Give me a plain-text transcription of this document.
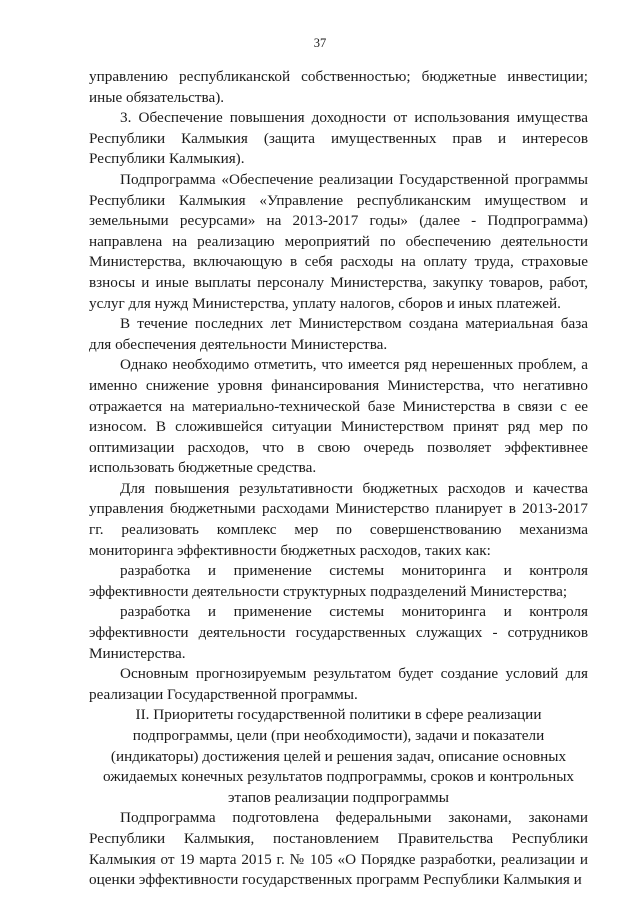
37

управлению республиканской собственностью; бюджетные инвестиции; иные обязательства).

3. Обеспечение повышения доходности от использования имущества Республики Калмыкия (защита имущественных прав и интересов Республики Калмыкия).

Подпрограмма «Обеспечение реализации Государственной программы Республики Калмыкия «Управление республиканским имуществом и земельными ресурсами» на 2013-2017 годы» (далее - Подпрограмма) направлена на реализацию мероприятий по обеспечению деятельности Министерства, включающую в себя расходы на оплату труда, страховые взносы и иные выплаты персоналу Министерства, закупку товаров, работ, услуг для нужд Министерства, уплату налогов, сборов и иных платежей.

В течение последних лет Министерством создана материальная база для обеспечения деятельности Министерства.

Однако необходимо отметить, что имеется ряд нерешенных проблем, а именно снижение уровня финансирования Министерства, что негативно отражается на материально-технической базе Министерства в связи с ее износом. В сложившейся ситуации Министерством принят ряд мер по оптимизации расходов, что в свою очередь позволяет эффективнее использовать бюджетные средства.

Для повышения результативности бюджетных расходов и качества управления бюджетными расходами Министерство планирует в 2013-2017 гг. реализовать комплекс мер по совершенствованию механизма мониторинга эффективности бюджетных расходов, таких как:

разработка и применение системы мониторинга и контроля эффективности деятельности структурных подразделений Министерства;

разработка и применение системы мониторинга и контроля эффективности деятельности государственных служащих - сотрудников Министерства.

Основным прогнозируемым результатом будет создание условий для реализации Государственной программы.

II. Приоритеты государственной политики в сфере реализации подпрограммы, цели (при необходимости), задачи и показатели (индикаторы) достижения целей и решения задач, описание основных ожидаемых конечных результатов подпрограммы, сроков и контрольных этапов реализации подпрограммы

Подпрограмма подготовлена федеральными законами, законами Республики Калмыкия, постановлением Правительства Республики Калмыкия от 19 марта 2015 г. № 105 «О Порядке разработки, реализации и оценки эффективности государственных программ Республики Калмыкия и
